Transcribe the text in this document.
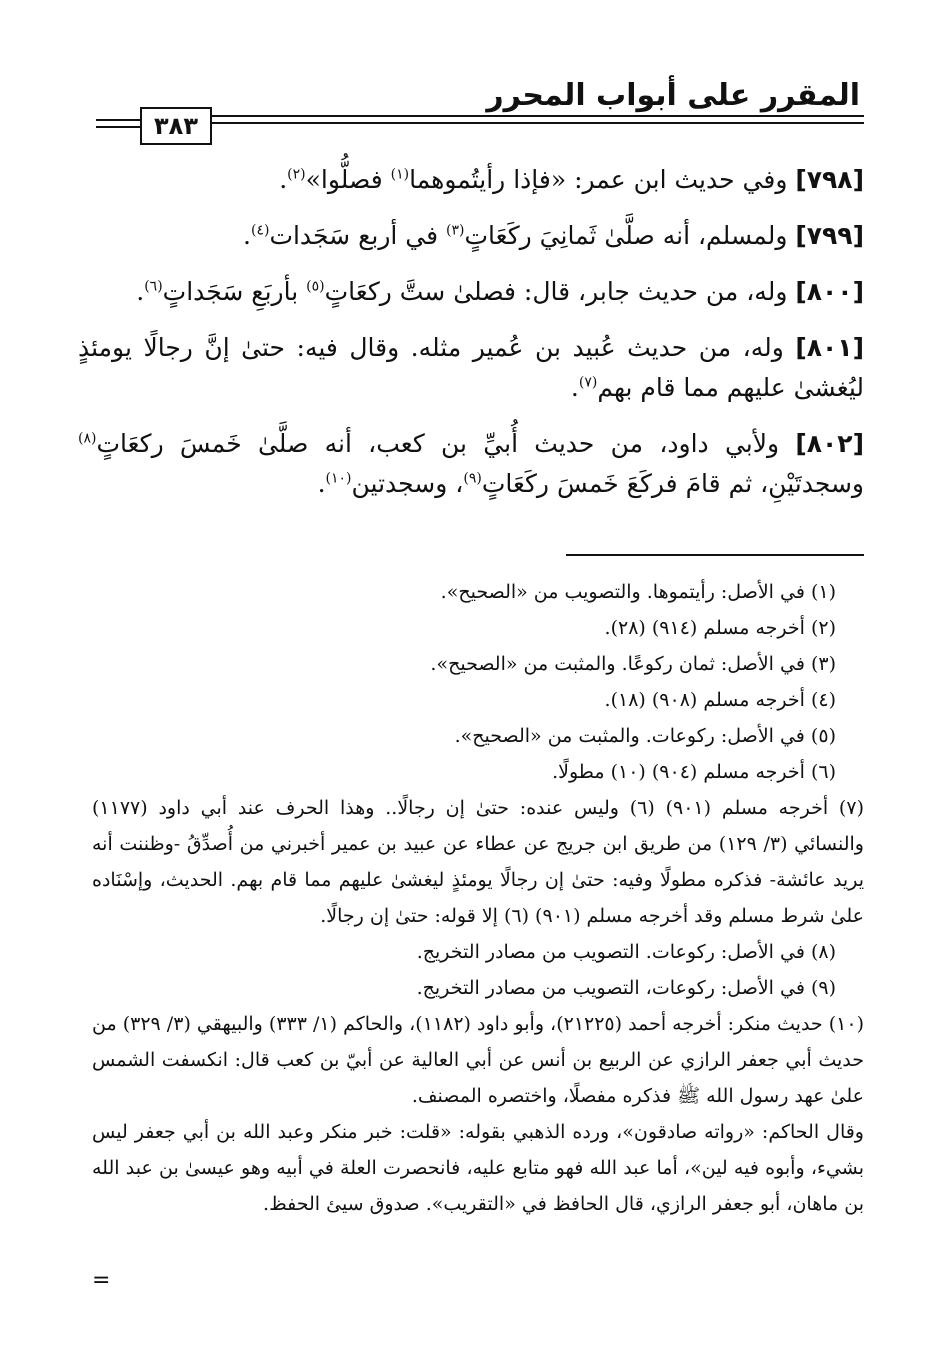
المقرر على أبواب المحرر
٣٨٣

[٧٩٨] وفي حديث ابن عمر: «فإذا رأيتُموهما$^{(١)}$ فصلُّوا»$^{(٢)}$.

[٧٩٩] ولمسلم، أنه صلَّىٰ ثَمانِيَ ركَعَاتٍ$^{(٣)}$ في أربع سَجَدات$^{(٤)}$.

[٨٠٠] وله، من حديث جابر، قال: فصلىٰ ستَّ ركعَاتٍ$^{(٥)}$ بأربَعِ سَجَداتٍ$^{(٦)}$.

[٨٠١] وله، من حديث عُبيد بن عُمير مثله. وقال فيه: حتىٰ إنَّ رجالًا يومئذٍ ليُغشىٰ عليهم مما قام بهم$^{(٧)}$.

[٨٠٢] ولأبي داود، من حديث أُبيِّ بن كعب، أنه صلَّىٰ خَمسَ ركعَاتٍ$^{(٨)}$ وسجدتَيْنِ، ثم قامَ فركَعَ خَمسَ ركَعَاتٍ$^{(٩)}$، وسجدتين$^{(١٠)}$.

(١) في الأصل: رأيتموها. والتصويب من «الصحيح».

(٢) أخرجه مسلم (٩١٤) (٢٨).

(٣) في الأصل: ثمان ركوعًا. والمثبت من «الصحيح».

(٤) أخرجه مسلم (٩٠٨) (١٨).

(٥) في الأصل: ركوعات. والمثبت من «الصحيح».

(٦) أخرجه مسلم (٩٠٤) (١٠) مطولًا.

(٧) أخرجه مسلم (٩٠١) (٦) وليس عنده: حتىٰ إن رجالًا.. وهذا الحرف عند أبي داود (١١٧٧) والنسائي (٣/ ١٢٩) من طريق ابن جريج عن عطاء عن عبيد بن عمير أخبرني من أُصدِّقُ -وظننت أنه يريد عائشة- فذكره مطولًا وفيه: حتىٰ إن رجالًا يومئذٍ ليغشىٰ عليهم مما قام بهم. الحديث، وإسْنَاده علىٰ شرط مسلم وقد أخرجه مسلم (٩٠١) (٦) إلا قوله: حتىٰ إن رجالًا.

(٨) في الأصل: ركوعات. التصويب من مصادر التخريج.

(٩) في الأصل: ركوعات، التصويب من مصادر التخريج.

(١٠) حديث منكر: أخرجه أحمد (٢١٢٢٥)، وأبو داود (١١٨٢)، والحاكم (١/ ٣٣٣) والبيهقي (٣/ ٣٢٩) من حديث أبي جعفر الرازي عن الربيع بن أنس عن أبي العالية عن أبيّ بن كعب قال: انكسفت الشمس علىٰ عهد رسول الله ﷺ فذكره مفصلًا، واختصره المصنف.

وقال الحاكم: «رواته صادقون»، ورده الذهبي بقوله: «قلت: خبر منكر وعبد الله بن أبي جعفر ليس بشيء، وأبوه فيه لين»، أما عبد الله فهو متابع عليه، فانحصرت العلة في أبيه وهو عيسىٰ بن عبد الله بن ماهان، أبو جعفر الرازي، قال الحافظ في «التقريب». صدوق سيئ الحفظ.

=
